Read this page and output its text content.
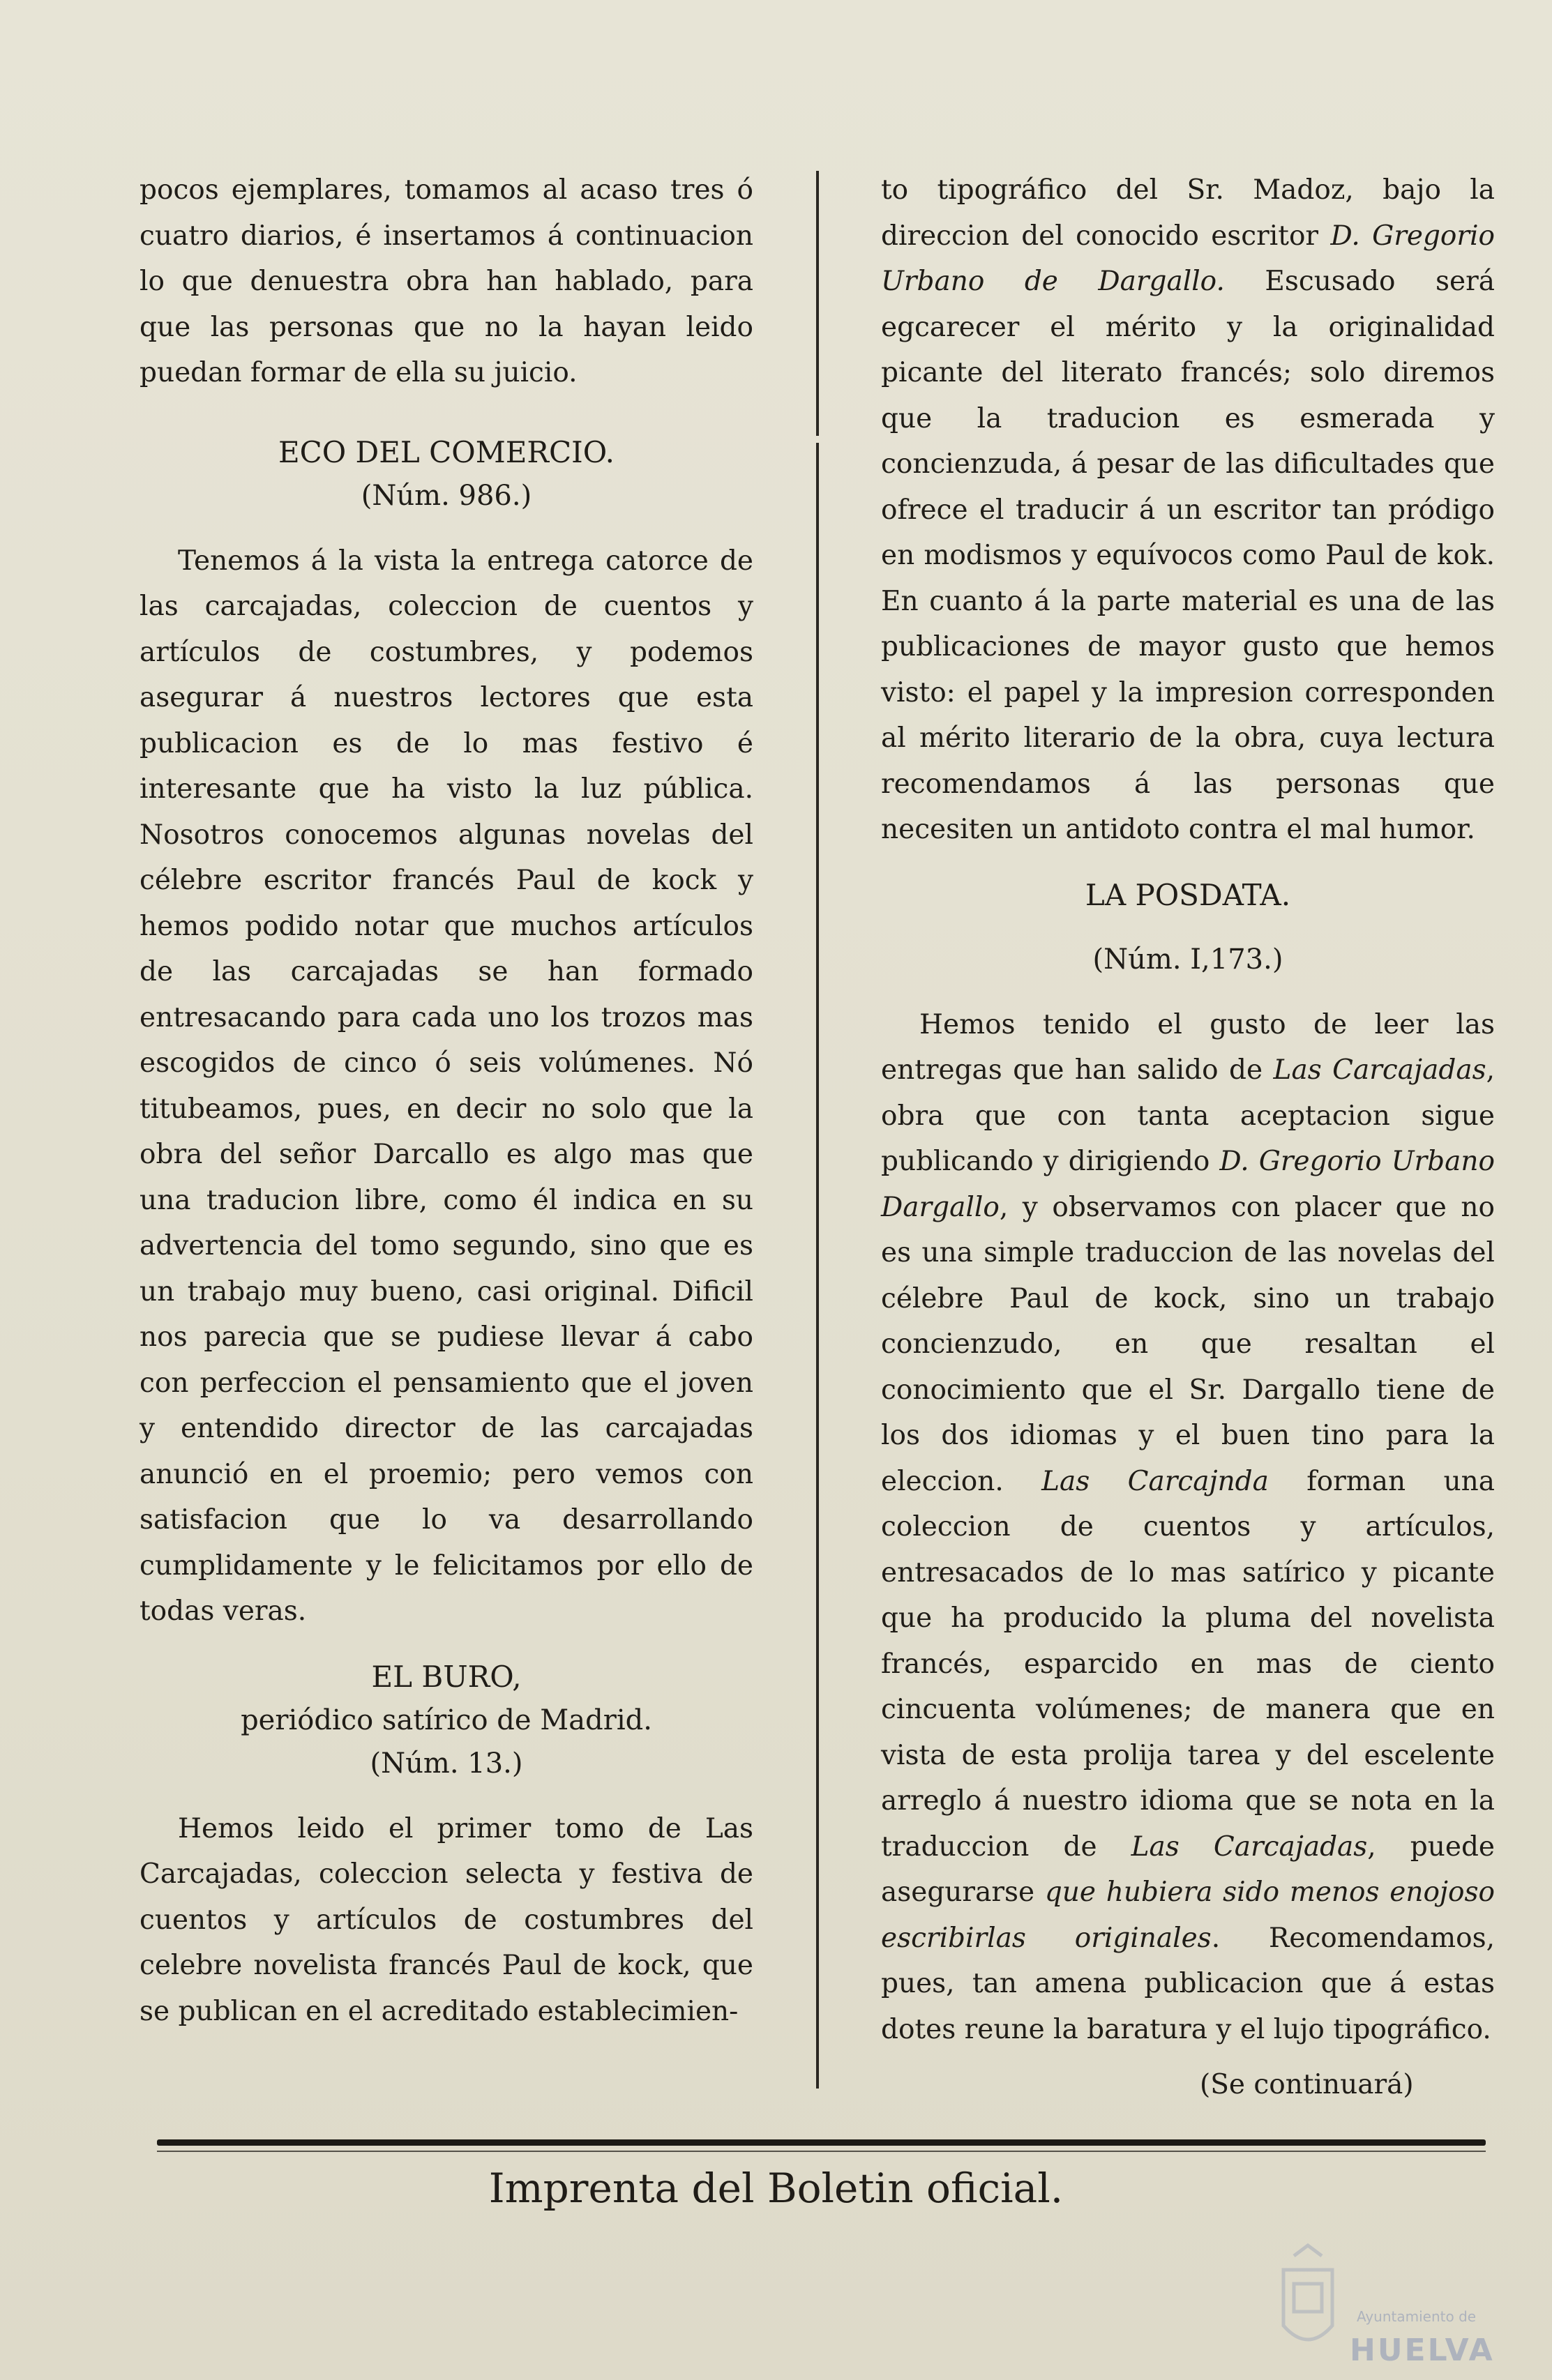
pocos ejemplares, tomamos al acaso tres ó cuatro diarios, é insertamos á continuacion lo que denuestra obra han hablado, para que las personas que no la hayan leido puedan formar de ella su juicio.

ECO DEL COMERCIO.

(Núm. 986.)

Tenemos á la vista la entrega catorce de las carcajadas, coleccion de cuentos y artículos de costumbres, y podemos asegurar á nuestros lectores que esta publicacion es de lo mas festivo é interesante que ha visto la luz pública. Nosotros conocemos algunas novelas del célebre escritor francés Paul de kock y hemos podido notar que muchos artículos de las carcajadas se han formado entresacando para cada uno los trozos mas escogidos de cinco ó seis volúmenes. Nó titubeamos, pues, en decir no solo que la obra del señor Darcallo es algo mas que una traducion libre, como él indica en su advertencia del tomo segundo, sino que es un trabajo muy bueno, casi original. Dificil nos parecia que se pudiese llevar á cabo con perfeccion el pensamiento que el joven y entendido director de las carcajadas anunció en el proemio; pero vemos con satisfacion que lo va desarrollando cumplidamente y le felicitamos por ello de todas veras.

EL BURO,

periódico satírico de Madrid.

(Núm. 13.)

Hemos leido el primer tomo de Las Carcajadas, coleccion selecta y festiva de cuentos y artículos de costumbres del celebre novelista francés Paul de kock, que se publican en el acreditado establecimien-

to tipográfico del Sr. Madoz, bajo la direccion del conocido escritor D. Gregorio Urbano de Dargallo. Escusado será egcarecer el mérito y la originalidad picante del literato francés; solo diremos que la traducion es esmerada y concienzuda, á pesar de las dificultades que ofrece el traducir á un escritor tan pródigo en modismos y equívocos como Paul de kok. En cuanto á la parte material es una de las publicaciones de mayor gusto que hemos visto: el papel y la impresion corresponden al mérito literario de la obra, cuya lectura recomendamos á las personas que necesiten un antidoto contra el mal humor.

LA POSDATA.

(Núm. I,173.)

Hemos tenido el gusto de leer las entregas que han salido de Las Carcajadas, obra que con tanta aceptacion sigue publicando y dirigiendo D. Gregorio Urbano Dargallo, y observamos con placer que no es una simple traduccion de las novelas del célebre Paul de kock, sino un trabajo concienzudo, en que resaltan el conocimiento que el Sr. Dargallo tiene de los dos idiomas y el buen tino para la eleccion. Las Carcajnda forman una coleccion de cuentos y artículos, entresacados de lo mas satírico y picante que ha producido la pluma del novelista francés, esparcido en mas de ciento cincuenta volúmenes; de manera que en vista de esta prolija tarea y del escelente arreglo á nuestro idioma que se nota en la traduccion de Las Carcajadas, puede asegurarse que hubiera sido menos enojoso escribirlas originales. Recomendamos, pues, tan amena publicacion que á estas dotes reune la baratura y el lujo tipográfico.

(Se continuará)
Imprenta del Boletin oficial.
Ayuntamiento de
HUELVA
